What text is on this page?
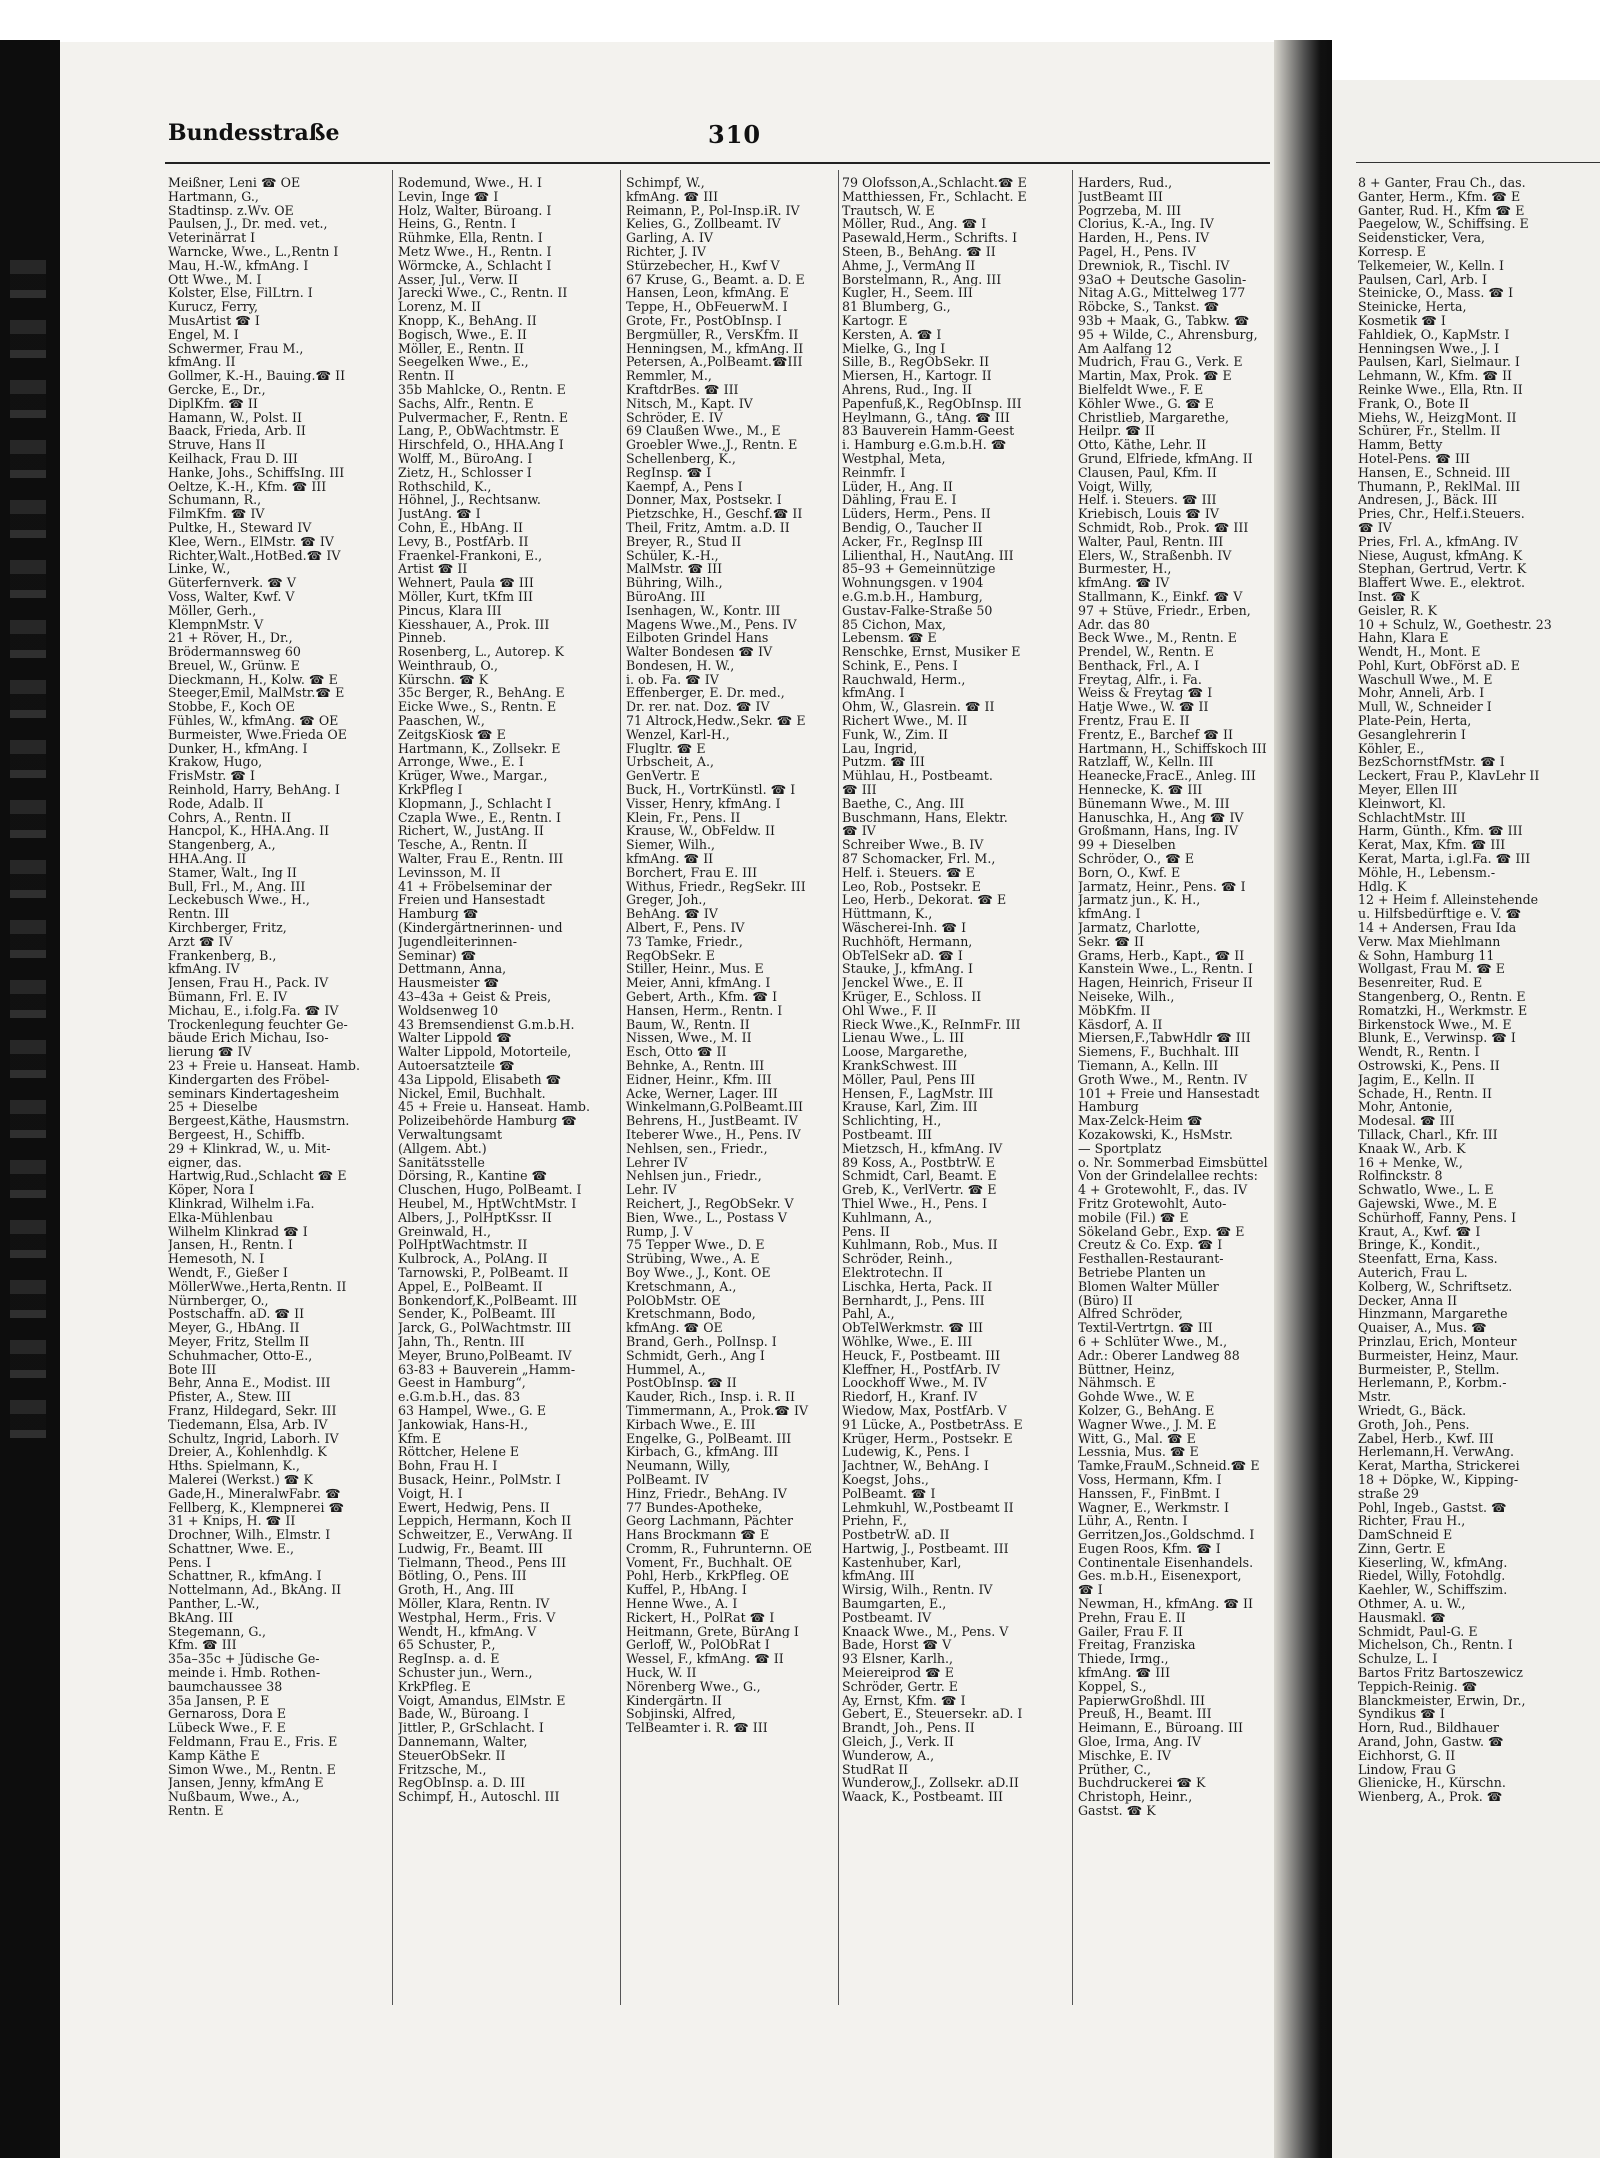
Bundesstraße	310
Meißner, Leni ☎ OE
Hartmann, G.,
Stadtinsp. z.Wv. OE
Paulsen, J., Dr. med. vet.,
Veterinärrat I
Warncke, Wwe., L.,Rentn I
Mau, H.-W., kfmAng. I
Ott Wwe., M. I
Kolster, Else, FilLtrn. I
Kurucz, Ferry,
MusArtist ☎ I
Engel, M. I
Schwermer, Frau M.,
kfmAng. II
Gollmer, K.-H., Bauing.☎ II
Gercke, E., Dr.,
DiplKfm. ☎ II
Hamann, W., Polst. II
Baack, Frieda, Arb. II
Struve, Hans II
Keilhack, Frau D. III
Hanke, Johs., SchiffsIng. III
Oeltze, K.-H., Kfm. ☎ III
Schumann, R.,
FilmKfm. ☎ IV
Pultke, H., Steward IV
Klee, Wern., ElMstr. ☎ IV
Richter,Walt.,HotBed.☎ IV
Linke, W.,
Güterfernverk. ☎ V
Voss, Walter, Kwf. V
Möller, Gerh.,
KlempnMstr. V
21 + Röver, H., Dr.,
Brödermannsweg 60
Breuel, W., Grünw. E
Dieckmann, H., Kolw. ☎ E
Steeger,Emil, MalMstr.☎ E
Stobbe, F., Koch OE
Fühles, W., kfmAng. ☎ OE
Burmeister, Wwe.Frieda OE
Dunker, H., kfmAng. I
Krakow, Hugo,
FrisMstr. ☎ I
Reinhold, Harry, BehAng. I
Rode, Adalb. II
Cohrs, A., Rentn. II
Hancpol, K., HHA.Ang. II
Stangenberg, A.,
HHA.Ang. II
Stamer, Walt., Ing II
Bull, Frl., M., Ang. III
Leckebusch Wwe., H.,
Rentn. III
Kirchberger, Fritz,
Arzt ☎ IV
Frankenberg, B.,
kfmAng. IV
Jensen, Frau H., Pack. IV
Bümann, Frl. E. IV
Michau, E., i.folg.Fa. ☎ IV
Trockenlegung feuchter Ge-
bäude Erich Michau, Iso-
lierung ☎ IV
23 + Freie u. Hanseat. Hamb.
Kindergarten des Fröbel-
seminars Kindertagesheim
25 + Dieselbe
Bergeest,Käthe, Hausmstrn.
Bergeest, H., Schiffb.
29 + Klinkrad, W., u. Mit-
eigner, das.
Hartwig,Rud.,Schlacht ☎ E
Köper, Nora I
Klinkrad, Wilhelm i.Fa.
Elka-Mühlenbau
Wilhelm Klinkrad ☎ I
Jansen, H., Rentn. I
Hemesoth, N. I
Wendt, F., Gießer I
MöllerWwe.,Herta,Rentn. II
Nürnberger, O.,
Postschaffn. aD. ☎ II
Meyer, G., HbAng. II
Meyer, Fritz, Stellm II
Schuhmacher, Otto-E.,
Bote III
Behr, Anna E., Modist. III
Pfister, A., Stew. III
Franz, Hildegard, Sekr. III
Tiedemann, Elsa, Arb. IV
Schultz, Ingrid, Laborh. IV
Dreier, A., Kohlenhdlg. K
Hths. Spielmann, K.,
Malerei (Werkst.) ☎ K
Gade,H., MineralwFabr. ☎
Fellberg, K., Klempnerei ☎
31 + Knips, H. ☎ II
Drochner, Wilh., Elmstr. I
Schattner, Wwe. E.,
Pens. I
Schattner, R., kfmAng. I
Nottelmann, Ad., BkAng. II
Panther, L.-W.,
BkAng. III
Stegemann, G.,
Kfm. ☎ III
35a–35c + Jüdische Ge-
meinde i. Hmb. Rothen-
baumchaussee 38
35a Jansen, P. E
Gernaross, Dora E
Lübeck Wwe., F. E
Feldmann, Frau E., Fris. E
Kamp Käthe E
Simon Wwe., M., Rentn. E
Jansen, Jenny, kfmAng E
Nußbaum, Wwe., A.,
Rentn. E
Rodemund, Wwe., H. I
Levin, Inge ☎ I
Holz, Walter, Büroang. I
Heins, G., Rentn. I
Rühmke, Ella, Rentn. I
Metz Wwe., H., Rentn. I
Wörmcke, A., Schlacht I
Asser, Jul., Verw. II
Jarecki Wwe., C., Rentn. II
Lorenz, M. II
Knopp, K., BehAng. II
Bogisch, Wwe., E. II
Möller, E., Rentn. II
Seegelken Wwe., E.,
Rentn. II
35b Mahlcke, O., Rentn. E
Sachs, Alfr., Rentn. E
Pulvermacher, F., Rentn. E
Lang, P., ObWachtmstr. E
Hirschfeld, O., HHA.Ang I
Wolff, M., BüroAng. I
Zietz, H., Schlosser I
Rothschild, K.,
Höhnel, J., Rechtsanw.
JustAng. ☎ I
Cohn, E., HbAng. II
Levy, B., PostfArb. II
Fraenkel-Frankoni, E.,
Artist ☎ II
Wehnert, Paula ☎ III
Möller, Kurt, tKfm III
Pincus, Klara III
Kiesshauer, A., Prok. III
Pinneb.
Rosenberg, L., Autorep. K
Weinthraub, O.,
Kürschn. ☎ K
35c Berger, R., BehAng. E
Eicke Wwe., S., Rentn. E
Paaschen, W.,
ZeitgsKiosk ☎ E
Hartmann, K., Zollsekr. E
Arronge, Wwe., E. I
Krüger, Wwe., Margar.,
KrkPfleg I
Klopmann, J., Schlacht I
Czapla Wwe., E., Rentn. I
Richert, W., JustAng. II
Tesche, A., Rentn. II
Walter, Frau E., Rentn. III
Levinsson, M. II
41 + Fröbelseminar der
Freien und Hansestadt
Hamburg ☎
(Kindergärtnerinnen- und
Jugendleiterinnen-
Seminar) ☎
Dettmann, Anna,
Hausmeister ☎
43–43a + Geist & Preis,
Woldsenweg 10
43 Bremsendienst G.m.b.H.
Walter Lippold ☎
Walter Lippold, Motorteile,
Autoersatzteile ☎
43a Lippold, Elisabeth ☎
Nickel, Emil, Buchhalt.
45 + Freie u. Hanseat. Hamb.
Polizeibehörde Hamburg ☎
Verwaltungsamt
(Allgem. Abt.)
Sanitätsstelle
Dörsing, R., Kantine ☎
Cluschen, Hugo, PolBeamt. I
Heubel, M., HptWchtMstr. I
Albers, J., PolHptKssr. II
Greinwald, H.,
PolHptWachtmstr. II
Kulbrock, A., PolAng. II
Tarnowski, P., PolBeamt. II
Appel, E., PolBeamt. II
Bonkendorf,K.,PolBeamt. III
Sender, K., PolBeamt. III
Jarck, G., PolWachtmstr. III
Jahn, Th., Rentn. III
Meyer, Bruno,PolBeamt. IV
63-83 + Bauverein „Hamm-
Geest in Hamburg“,
e.G.m.b.H., das. 83
63 Hampel, Wwe., G. E
Jankowiak, Hans-H.,
Kfm. E
Röttcher, Helene E
Bohn, Frau H. I
Busack, Heinr., PolMstr. I
Voigt, H. I
Ewert, Hedwig, Pens. II
Leppich, Hermann, Koch II
Schweitzer, E., VerwAng. II
Ludwig, Fr., Beamt. III
Tielmann, Theod., Pens III
Bötling, O., Pens. III
Groth, H., Ang. III
Möller, Klara, Rentn. IV
Westphal, Herm., Fris. V
Wendt, H., kfmAng. V
65 Schuster, P.,
RegInsp. a. d. E
Schuster jun., Wern.,
KrkPfleg. E
Voigt, Amandus, ElMstr. E
Bade, W., Büroang. I
Jittler, P., GrSchlacht. I
Dannemann, Walter,
SteuerObSekr. II
Fritzsche, M.,
RegObInsp. a. D. III
Schimpf, H., Autoschl. III
Schimpf, W.,
kfmAng. ☎ III
Reimann, P., Pol-Insp.iR. IV
Kelies, G., Zollbeamt. IV
Garling, A. IV
Richter, J. IV
Stürzebecher, H., Kwf V
67 Kruse, G., Beamt. a. D. E
Hansen, Leon, kfmAng. E
Teppe, H., ObFeuerwM. I
Grote, Fr., PostObInsp. I
Bergmüller, R., VersKfm. II
Henningsen, M., kfmAng. II
Petersen, A.,PolBeamt.☎III
Remmler, M.,
KraftdrBes. ☎ III
Nitsch, M., Kapt. IV
Schröder, E. IV
69 Claußen Wwe., M., E
Groebler Wwe.,J., Rentn. E
Schellenberg, K.,
RegInsp. ☎ I
Kaempf, A., Pens I
Donner, Max, Postsekr. I
Pietzschke, H., Geschf.☎ II
Theil, Fritz, Amtm. a.D. II
Breyer, R., Stud II
Schüler, K.-H.,
MalMstr. ☎ III
Bühring, Wilh.,
BüroAng. III
Isenhagen, W., Kontr. III
Magens Wwe.,M., Pens. IV
Eilboten Grindel Hans
Walter Bondesen ☎ IV
Bondesen, H. W.,
i. ob. Fa. ☎ IV
Effenberger, E. Dr. med.,
Dr. rer. nat. Doz. ☎ IV
71 Altrock,Hedw.,Sekr. ☎ E
Wenzel, Karl-H.,
Flugltr. ☎ E
Urbscheit, A.,
GenVertr. E
Buck, H., VortrKünstl. ☎ I
Visser, Henry, kfmAng. I
Klein, Fr., Pens. II
Krause, W., ObFeldw. II
Siemer, Wilh.,
kfmAng. ☎ II
Borchert, Frau E. III
Withus, Friedr., RegSekr. III
Greger, Joh.,
BehAng. ☎ IV
Albert, F., Pens. IV
73 Tamke, Friedr.,
RegObSekr. E
Stiller, Heinr., Mus. E
Meier, Anni, kfmAng. I
Gebert, Arth., Kfm. ☎ I
Hansen, Herm., Rentn. I
Baum, W., Rentn. II
Nissen, Wwe., M. II
Esch, Otto ☎ II
Behnke, A., Rentn. III
Eidner, Heinr., Kfm. III
Acke, Werner, Lager. III
Winkelmann,G.PolBeamt.III
Behrens, H., JustBeamt. IV
Iteberer Wwe., H., Pens. IV
Nehlsen, sen., Friedr.,
Lehrer IV
Nehlsen jun., Friedr.,
Lehr. IV
Reichert, J., RegObSekr. V
Bien, Wwe., L., Postass V
Rump, J. V
75 Tepper Wwe., D. E
Strübing, Wwe., A. E
Boy Wwe., J., Kont. OE
Kretschmann, A.,
PolObMstr. OE
Kretschmann, Bodo,
kfmAng. ☎ OE
Brand, Gerh., PolInsp. I
Schmidt, Gerh., Ang I
Hummel, A.,
PostObInsp. ☎ II
Kauder, Rich., Insp. i. R. II
Timmermann, A., Prok.☎ IV
Kirbach Wwe., E. III
Engelke, G., PolBeamt. III
Kirbach, G., kfmAng. III
Neumann, Willy,
PolBeamt. IV
Hinz, Friedr., BehAng. IV
77 Bundes-Apotheke,
Georg Lachmann, Pächter
Hans Brockmann ☎ E
Cromm, R., Fuhrunternn. OE
Voment, Fr., Buchhalt. OE
Pohl, Herb., KrkPfleg. OE
Kuffel, P., HbAng. I
Henne Wwe., A. I
Rickert, H., PolRat ☎ I
Heitmann, Grete, BürAng I
Gerloff, W., PolObRat I
Wessel, F., kfmAng. ☎ II
Huck, W. II
Nörenberg Wwe., G.,
Kindergärtn. II
Sobjinski, Alfred,
TelBeamter i. R. ☎ III
79 Olofsson,A.,Schlacht.☎ E
Matthiessen, Fr., Schlacht. E
Trautsch, W. E
Möller, Rud., Ang. ☎ I
Pasewald,Herm., Schrifts. I
Steen, B., BehAng. ☎ II
Ahme, J., VermAng II
Borstelmann, R., Ang. III
Kugler, H., Seem. III
81 Blumberg, G.,
Kartogr. E
Kersten, A. ☎ I
Mielke, G., Ing I
Sille, B., RegObSekr. II
Miersen, H., Kartogr. II
Ahrens, Rud., Ing. II
Papenfuß,K., RegObInsp. III
Heylmann, G., tAng. ☎ III
83 Bauverein Hamm-Geest
i. Hamburg e.G.m.b.H. ☎
Westphal, Meta,
Reinmfr. I
Lüder, H., Ang. II
Dähling, Frau E. I
Lüders, Herm., Pens. II
Bendig, O., Taucher II
Acker, Fr., RegInsp III
Lilienthal, H., NautAng. III
85–93 + Gemeinnützige
Wohnungsgen. v 1904
e.G.m.b.H., Hamburg,
Gustav-Falke-Straße 50
85 Cichon, Max,
Lebensm. ☎ E
Renschke, Ernst, Musiker E
Schink, E., Pens. I
Rauchwald, Herm.,
kfmAng. I
Ohm, W., Glasrein. ☎ II
Richert Wwe., M. II
Funk, W., Zim. II
Lau, Ingrid,
Putzm. ☎ III
Mühlau, H., Postbeamt.
☎ III
Baethe, C., Ang. III
Buschmann, Hans, Elektr.
☎ IV
Schreiber Wwe., B. IV
87 Schomacker, Frl. M.,
Helf. i. Steuers. ☎ E
Leo, Rob., Postsekr. E
Leo, Herb., Dekorat. ☎ E
Hüttmann, K.,
Wäscherei-Inh. ☎ I
Ruchhöft, Hermann,
ObTelSekr aD. ☎ I
Stauke, J., kfmAng. I
Jenckel Wwe., E. II
Krüger, E., Schloss. II
Ohl Wwe., F. II
Rieck Wwe.,K., ReInmFr. III
Lienau Wwe., L. III
Loose, Margarethe,
KrankSchwest. III
Möller, Paul, Pens III
Hensen, F., LagMstr. III
Krause, Karl, Zim. III
Schlichting, H.,
Postbeamt. III
Mietzsch, H., kfmAng. IV
89 Koss, A., PostbtrW. E
Schmidt, Carl, Beamt. E
Greb, K., VerlVertr. ☎ E
Thiel Wwe., H., Pens. I
Kuhlmann, A.,
Pens. II
Kuhlmann, Rob., Mus. II
Schröder, Reinh.,
Elektrotechn. II
Lischka, Herta, Pack. II
Bernhardt, J., Pens. III
Pahl, A.,
ObTelWerkmstr. ☎ III
Wöhlke, Wwe., E. III
Heuck, F., Postbeamt. III
Kleffner, H., PostfArb. IV
Loockhoff Wwe., M. IV
Riedorf, H., Kranf. IV
Wiedow, Max, PostfArb. V
91 Lücke, A., PostbetrAss. E
Krüger, Herm., Postsekr. E
Ludewig, K., Pens. I
Jachtner, W., BehAng. I
Koegst, Johs.,
PolBeamt. ☎ I
Lehmkuhl, W.,Postbeamt II
Priehn, F.,
PostbetrW. aD. II
Hartwig, J., Postbeamt. III
Kastenhuber, Karl,
kfmAng. III
Wirsig, Wilh., Rentn. IV
Baumgarten, E.,
Postbeamt. IV
Knaack Wwe., M., Pens. V
Bade, Horst ☎ V
93 Elsner, Karlh.,
Meiereiprod ☎ E
Schröder, Gertr. E
Ay, Ernst, Kfm. ☎ I
Gebert, E., Steuersekr. aD. I
Brandt, Joh., Pens. II
Gleich, J., Verk. II
Wunderow, A.,
StudRat II
Wunderow,J., Zollsekr. aD.II
Waack, K., Postbeamt. III
Harders, Rud.,
JustBeamt III
Pogrzeba, M. III
Clorius, K.-A., Ing. IV
Harden, H., Pens. IV
Pagel, H., Pens. IV
Drewniok, R., Tischl. IV
93aO + Deutsche Gasolin-
Nitag A.G., Mittelweg 177
Röbcke, S., Tankst. ☎
93b + Maak, G., Tabkw. ☎
95 + Wilde, C., Ahrensburg,
Am Aalfang 12
Mudrich, Frau G., Verk. E
Martin, Max, Prok. ☎ E
Bielfeldt Wwe., F. E
Köhler Wwe., G. ☎ E
Christlieb, Margarethe,
Heilpr. ☎ II
Otto, Käthe, Lehr. II
Grund, Elfriede, kfmAng. II
Clausen, Paul, Kfm. II
Voigt, Willy,
Helf. i. Steuers. ☎ III
Kriebisch, Louis ☎ IV
Schmidt, Rob., Prok. ☎ III
Walter, Paul, Rentn. III
Elers, W., Straßenbh. IV
Burmester, H.,
kfmAng. ☎ IV
Stallmann, K., Einkf. ☎ V
97 + Stüve, Friedr., Erben,
Adr. das 80
Beck Wwe., M., Rentn. E
Prendel, W., Rentn. E
Benthack, Frl., A. I
Freytag, Alfr., i. Fa.
Weiss & Freytag ☎ I
Hatje Wwe., W. ☎ II
Frentz, Frau E. II
Frentz, E., Barchef ☎ II
Hartmann, H., Schiffskoch III
Ratzlaff, W., Kelln. III
Heanecke,FracE., Anleg. III
Hennecke, K. ☎ III
Bünemann Wwe., M. III
Hanuschka, H., Ang ☎ IV
Großmann, Hans, Ing. IV
99 + Dieselben
Schröder, O., ☎ E
Born, O., Kwf. E
Jarmatz, Heinr., Pens. ☎ I
Jarmatz jun., K. H.,
kfmAng. I
Jarmatz, Charlotte,
Sekr. ☎ II
Grams, Herb., Kapt., ☎ II
Kanstein Wwe., L., Rentn. I
Hagen, Heinrich, Friseur II
Neiseke, Wilh.,
MöbKfm. II
Käsdorf, A. II
Miersen,F.,TabwHdlr ☎ III
Siemens, F., Buchhalt. III
Tiemann, A., Kelln. III
Groth Wwe., M., Rentn. IV
101 + Freie und Hansestadt
Hamburg
Max-Zelck-Heim ☎
Kozakowski, K., HsMstr.
— Sportplatz
o. Nr. Sommerbad Eimsbüttel
Von der Grindelallee rechts:
4 + Grotewohlt, F., das. IV
Fritz Grotewohlt, Auto-
mobile (Fil.) ☎ E
Sökeland Gebr., Exp. ☎ E
Creutz & Co. Exp. ☎ I
Festhallen-Restaurant-
Betriebe Planten un
Blomen Walter Müller
(Büro) II
Alfred Schröder,
Textil-Vertrtgn. ☎ III
6 + Schlüter Wwe., M.,
Adr.: Oberer Landweg 88
Büttner, Heinz,
Nähmsch. E
Gohde Wwe., W. E
Kolzer, G., BehAng. E
Wagner Wwe., J. M. E
Witt, G., Mal. ☎ E
Lessnia, Mus. ☎ E
Tamke,FrauM.,Schneid.☎ E
Voss, Hermann, Kfm. I
Hanssen, F., FinBmt. I
Wagner, E., Werkmstr. I
Lühr, A., Rentn. I
Gerritzen,Jos.,Goldschmd. I
Eugen Roos, Kfm. ☎ I
Continentale Eisenhandels.
Ges. m.b.H., Eisenexport,
☎ I
Newman, H., kfmAng. ☎ II
Prehn, Frau E. II
Gailer, Frau F. II
Freitag, Franziska
Thiede, Irmg.,
kfmAng. ☎ III
Koppel, S.,
PapierwGroßhdl. III
Preuß, H., Beamt. III
Heimann, E., Büroang. III
Gloe, Irma, Ang. IV
Mischke, E. IV
Prüther, C.,
Buchdruckerei ☎ K
Christoph, Heinr.,
Gastst. ☎ K
8 + Ganter, Frau Ch., das.
Ganter, Herm., Kfm. ☎ E
Ganter, Rud. H., Kfm ☎ E
Paegelow, W., Schiffsing. E
Seidensticker, Vera,
Korresp. E
Telkemeier, W., Kelln. I
Paulsen, Carl, Arb. I
Steinicke, O., Mass. ☎ I
Steinicke, Herta,
Kosmetik ☎ I
Fahldiek, O., KapMstr. I
Henningsen Wwe., J. I
Paulsen, Karl, Sielmaur. I
Lehmann, W., Kfm. ☎ II
Reinke Wwe., Ella, Rtn. II
Frank, O., Bote II
Miehs, W., HeizgMont. II
Schürer, Fr., Stellm. II
Hamm, Betty
Hotel-Pens. ☎ III
Hansen, E., Schneid. III
Thumann, P., ReklMal. III
Andresen, J., Bäck. III
Pries, Chr., Helf.i.Steuers.
☎ IV
Pries, Frl. A., kfmAng. IV
Niese, August, kfmAng. K
Stephan, Gertrud, Vertr. K
Blaffert Wwe. E., elektrot.
Inst. ☎ K
Geisler, R. K
10 + Schulz, W., Goethestr. 23
Hahn, Klara E
Wendt, H., Mont. E
Pohl, Kurt, ObFörst aD. E
Waschull Wwe., M. E
Mohr, Anneli, Arb. I
Mull, W., Schneider I
Plate-Pein, Herta,
Gesanglehrerin I
Köhler, E.,
BezSchornstfMstr. ☎ I
Leckert, Frau P., KlavLehr II
Meyer, Ellen III
Kleinwort, Kl.
SchlachtMstr. III
Harm, Günth., Kfm. ☎ III
Kerat, Max, Kfm. ☎ III
Kerat, Marta, i.gl.Fa. ☎ III
Möhle, H., Lebensm.-
Hdlg. K
12 + Heim f. Alleinstehende
u. Hilfsbedürftige e. V. ☎
14 + Andersen, Frau Ida
Verw. Max Miehlmann
& Sohn, Hamburg 11
Wollgast, Frau M. ☎ E
Besenreiter, Rud. E
Stangenberg, O., Rentn. E
Romatzki, H., Werkmstr. E
Birkenstock Wwe., M. E
Blunk, E., Verwinsp. ☎ I
Wendt, R., Rentn. I
Ostrowski, K., Pens. II
Jagim, E., Kelln. II
Schade, H., Rentn. II
Mohr, Antonie,
Modesal. ☎ III
Tillack, Charl., Kfr. III
Knaak W., Arb. K
16 + Menke, W.,
Rolfinckstr. 8
Schwatlo, Wwe., L. E
Gajewski, Wwe., M. E
Schürhoff, Fanny, Pens. I
Kraut, A., Kwf. ☎ I
Bringe, K., Kondit.,
Steenfatt, Erna, Kass.
Auterich, Frau L.
Kolberg, W., Schriftsetz.
Decker, Anna II
Hinzmann, Margarethe
Quaiser, A., Mus. ☎
Prinzlau, Erich, Monteur
Burmeister, Heinz, Maur.
Burmeister, P., Stellm.
Herlemann, P., Korbm.-
Mstr.
Wriedt, G., Bäck.
Groth, Joh., Pens.
Zabel, Herb., Kwf. III
Herlemann,H. VerwAng.
Kerat, Martha, Strickerei
18 + Döpke, W., Kipping-
straße 29
Pohl, Ingeb., Gastst. ☎
Richter, Frau H.,
DamSchneid E
Zinn, Gertr. E
Kieserling, W., kfmAng.
Riedel, Willy, Fotohdlg.
Kaehler, W., Schiffszim.
Othmer, A. u. W.,
Hausmakl. ☎
Schmidt, Paul-G. E
Michelson, Ch., Rentn. I
Schulze, L. I
Bartos Fritz Bartoszewicz
Teppich-Reinig. ☎
Blanckmeister, Erwin, Dr.,
Syndikus ☎ I
Horn, Rud., Bildhauer
Arand, John, Gastw. ☎
Eichhorst, G. II
Lindow, Frau G
Glienicke, H., Kürschn.
Wienberg, A., Prok. ☎
